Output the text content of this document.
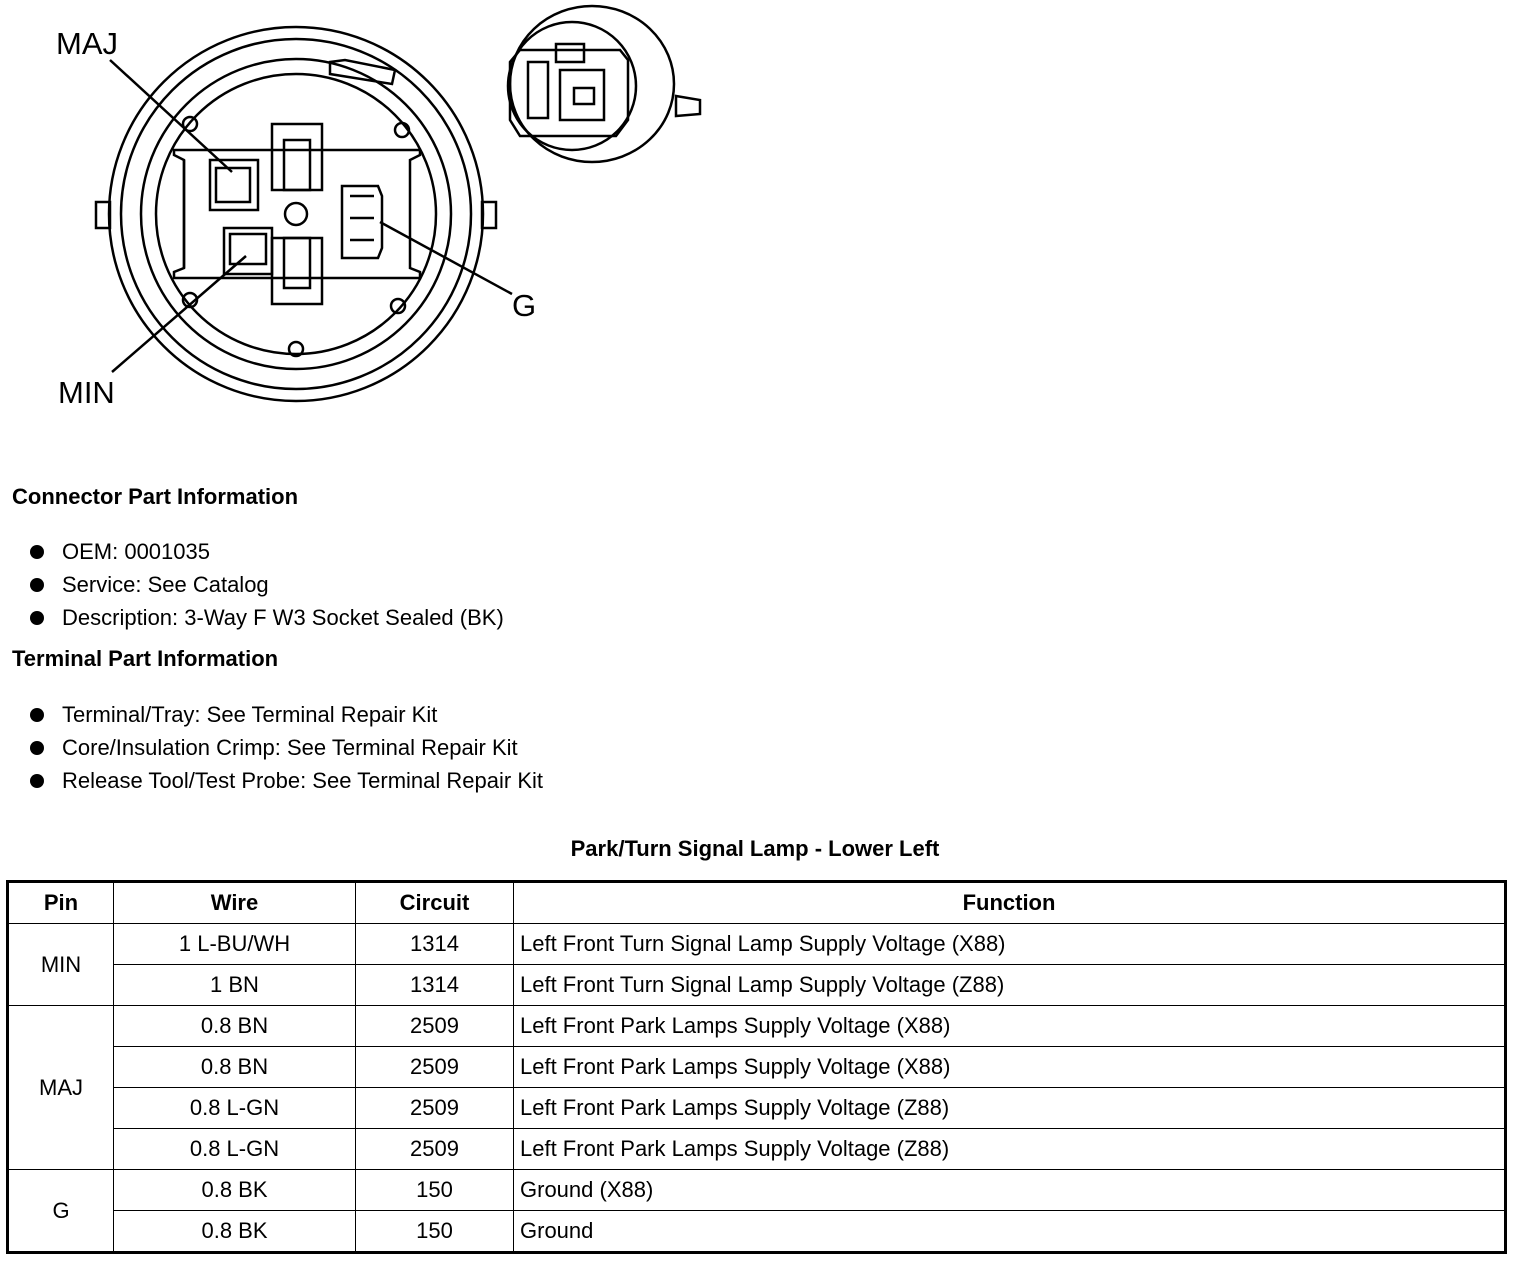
MAJ
MIN
G
Connector Part Information
OEM: 0001035
Service: See Catalog
Description: 3-Way F W3 Socket Sealed (BK)
Terminal Part Information
Terminal/Tray: See Terminal Repair Kit
Core/Insulation Crimp: See Terminal Repair Kit
Release Tool/Test Probe: See Terminal Repair Kit
Park/Turn Signal Lamp - Lower Left
Pin	Wire	Circuit	Function
MIN	1 L-BU/WH	1314	Left Front Turn Signal Lamp Supply Voltage (X88)
	1 BN	1314	Left Front Turn Signal Lamp Supply Voltage (Z88)
MAJ	0.8 BN	2509	Left Front Park Lamps Supply Voltage (X88)
	0.8 BN	2509	Left Front Park Lamps Supply Voltage (X88)
	0.8 L-GN	2509	Left Front Park Lamps Supply Voltage (Z88)
	0.8 L-GN	2509	Left Front Park Lamps Supply Voltage (Z88)
G	0.8 BK	150	Ground (X88)
	0.8 BK	150	Ground
